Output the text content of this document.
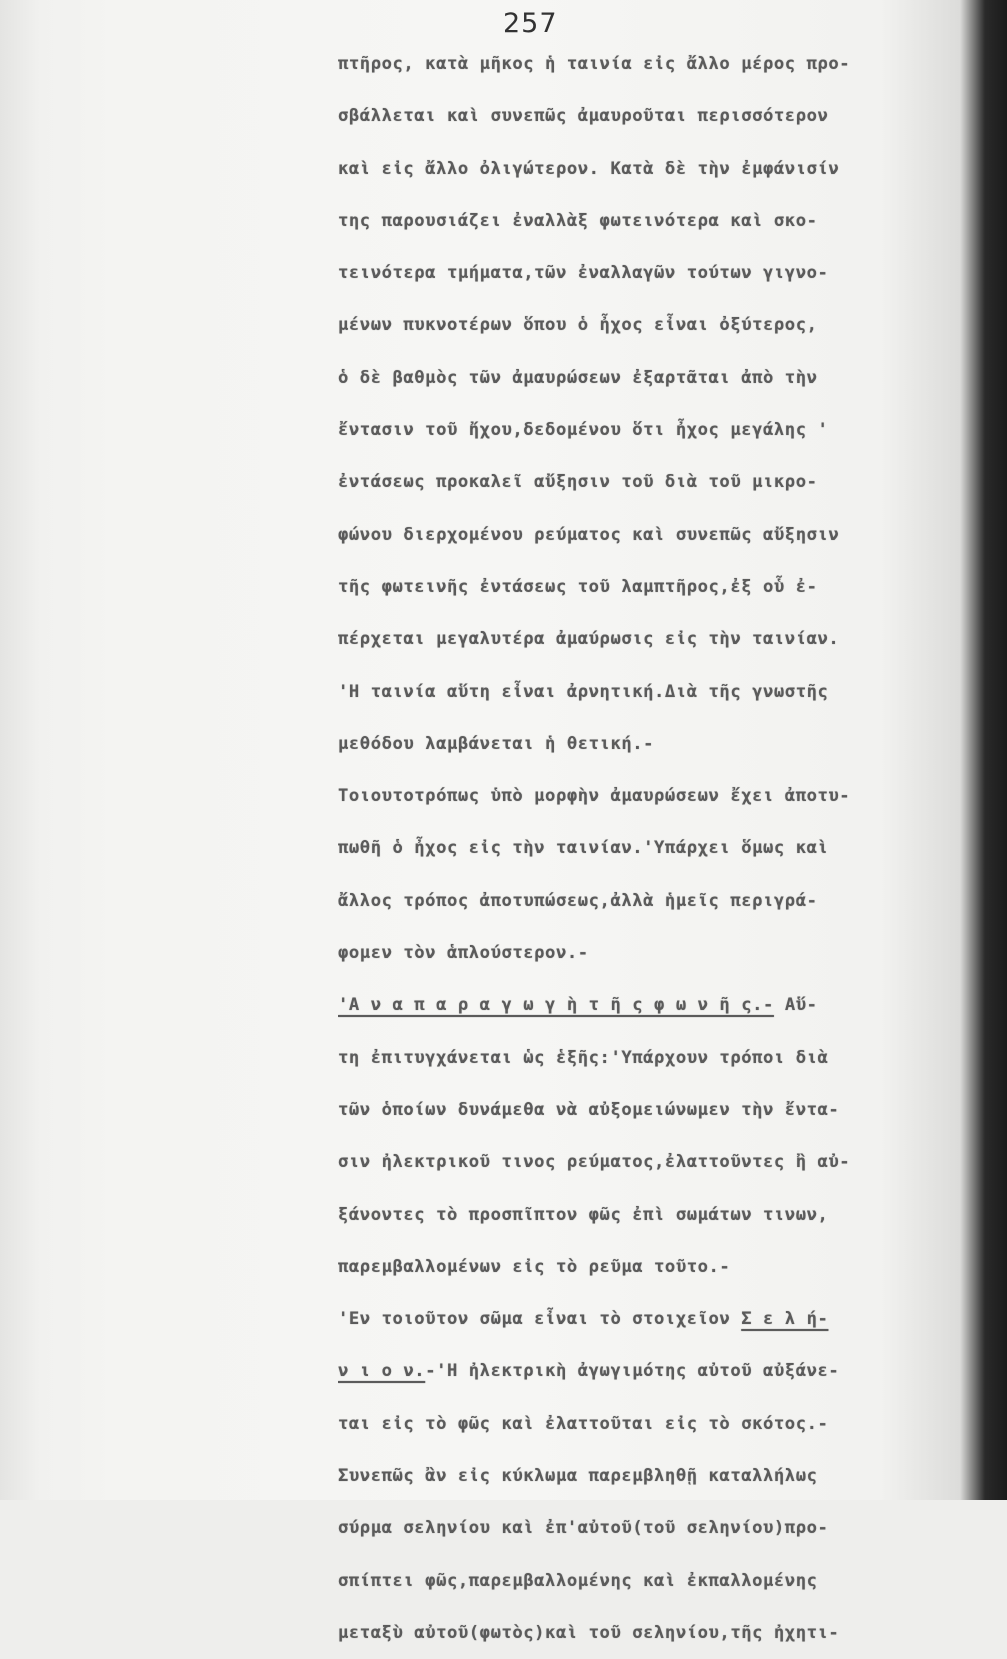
257

πτῆρος, κατὰ μῆκος ἡ ταινία εἰς ἄλλο μέρος προ-
σβάλλεται καὶ συνεπῶς ἀμαυροῦται περισσότερον
καὶ εἰς ἄλλο ὀλιγώτερον. Κατὰ δὲ τὴν ἐμφάνισίν
της παρουσιάζει ἐναλλὰξ φωτεινότερα καὶ σκο-
τεινότερα τμήματα,τῶν ἐναλλαγῶν τούτων γιγνο-
μένων πυκνοτέρων ὅπου ὁ ἦχος εἶναι ὀξύτερος,
ὁ δὲ βαθμὸς τῶν ἀμαυρώσεων ἐξαρτᾶται ἀπὸ τὴν
ἔντασιν τοῦ ἤχου,δεδομένου ὅτι ἦχος μεγάλης '
ἐντάσεως προκαλεῖ αὔξησιν τοῦ διὰ τοῦ μικρο-
φώνου διερχομένου ρεύματος καὶ συνεπῶς αὔξησιν
τῆς φωτεινῆς ἐντάσεως τοῦ λαμπτῆρος,ἐξ οὗ ἐ-
πέρχεται μεγαλυτέρα ἀμαύρωσις εἰς τὴν ταινίαν.
'Η ταινία αὕτη εἶναι ἀρνητική.Διὰ τῆς γνωστῆς
μεθόδου λαμβάνεται ἡ θετική.-
Τοιουτοτρόπως ὑπὸ μορφὴν ἀμαυρώσεων ἔχει ἀποτυ-
πωθῆ ὁ ἦχος εἰς τὴν ταινίαν.'Υπάρχει ὅμως καὶ
ἄλλος τρόπος ἀποτυπώσεως,ἀλλὰ ἡμεῖς περιγρά-
φομεν τὸν ἁπλούστερον.-
'Α ν α π α ρ α γ ω γ ὴ τ ῆ ς φ ω ν ῆ ς.- Αὕ-
τη ἐπιτυγχάνεται ὡς ἑξῆς:'Υπάρχουν τρόποι διὰ
τῶν ὁποίων δυνάμεθα νὰ αὐξομειώνωμεν τὴν ἔντα-
σιν ἠλεκτρικοῦ τινος ρεύματος,ἐλαττοῦντες ἢ αὐ-
ξάνοντες τὸ προσπῖπτον φῶς ἐπὶ σωμάτων τινων,
παρεμβαλλομένων εἰς τὸ ρεῦμα τοῦτο.-
'Εν τοιοῦτον σῶμα εἶναι τὸ στοιχεῖον Σ ε λ ή-
ν ι ο ν.-'Η ἠλεκτρικὴ ἀγωγιμότης αὐτοῦ αὐξάνε-
ται εἰς τὸ φῶς καὶ ἐλαττοῦται εἰς τὸ σκότος.-
Συνεπῶς ἂν εἰς κύκλωμα παρεμβληθῇ καταλλήλως
σύρμα σεληνίου καὶ ἐπ'αὐτοῦ(τοῦ σεληνίου)προ-
σπίπτει φῶς,παρεμβαλλομένης καὶ ἐκπαλλομένης
μεταξὺ αὐτοῦ(φωτὸς)καὶ τοῦ σεληνίου,τῆς ἠχητι-
